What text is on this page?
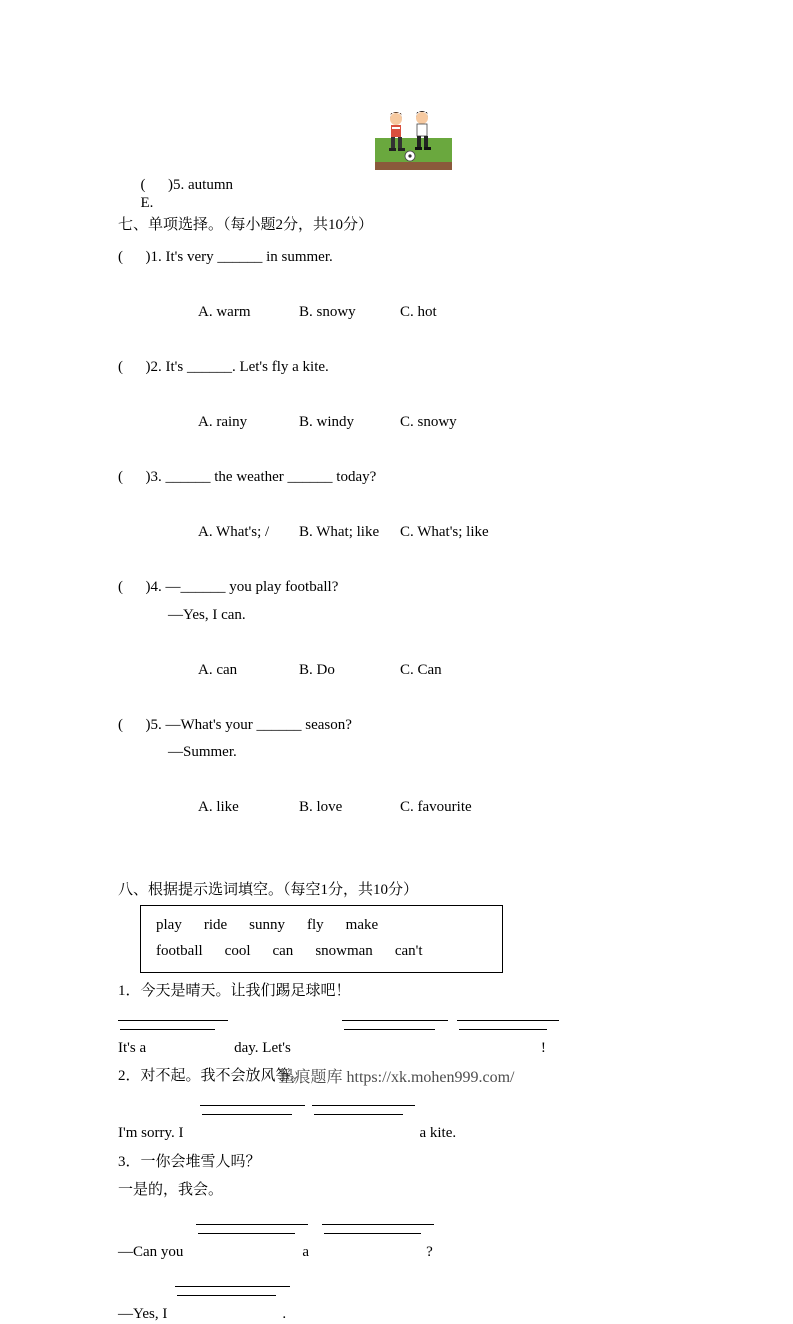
(      )5. autumn
E.

七、单项选择。（每小题2分，共10分）
(      )1. It's very ______ in summer.

A. warm	B. snowy	C. hot

(      )2. It's ______. Let's fly a kite.

A. rainy	B. windy	C. snowy

(      )3. ______ the weather ______ today?

A. What's; / B. What; like C. What's; like

(      )4. —______ you play football?
—Yes, I can.

A. can	B. Do	C. Can

(      )5. —What's your ______ season?
—Summer.

A. like	B. love	C. favourite

八、根据提示选词填空。（每空1分，共10分）
play ride sunny fly make
football cool can snowman can't
1．今天是晴天。让我们踢足球吧！
It's a	day. Let's	!
2．对不起。我不会放风筝。
I'm sorry. I	a kite.
3．一你会堆雪人吗？
一是的，我会。
—Can you	a	?
—Yes, I	.
墨痕题库 https://xk.mohen999.com/
